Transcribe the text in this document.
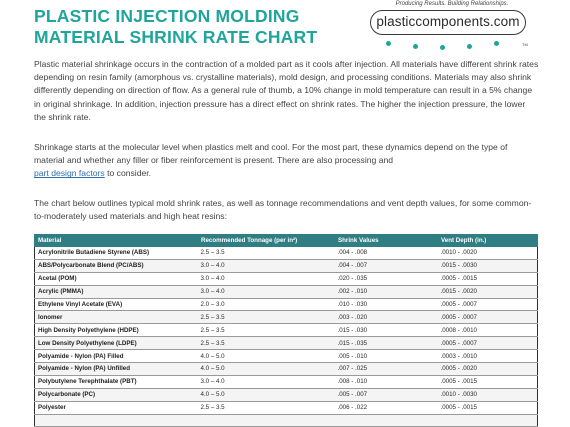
PLASTIC INJECTION MOLDING
MATERIAL SHRINK RATE CHART
Producing Results. Building Relationships.
plasticcomponents.com
TM

Plastic material shrinkage occurs in the contraction of a molded part as it cools after injection. All materials have different shrink rates depending on resin family (amorphous vs. crystalline materials), mold design, and processing conditions. Materials may also shrink differently depending on direction of flow. As a general rule of thumb, a 10% change in mold temperature can result in a 5% change in original shrinkage. In addition, injection pressure has a direct effect on shrink rates. The higher the injection pressure, the lower the shrink rate.

Shrinkage starts at the molecular level when plastics melt and cool. For the most part, these dynamics depend on the type of material and whether any filler or fiber reinforcement is present. There are also processing and
part design factors to consider.

The chart below outlines typical mold shrink rates, as well as tonnage recommendations and vent depth values, for some common-to-moderately used materials and high heat resins:

Material	Recommended Tonnage (per in²)	Shrink Values	Vent Depth (in.)
Acrylonitrile Butadiene Styrene (ABS)	2.5 – 3.5	.004 - .008	.0010 - .0020
ABS/Polycarbonate Blend (PC/ABS)	3.0 – 4.0	.004 - .007	.0015 - .0030
Acetal (POM)	3.0 – 4.0	.020 - .035	.0005 - .0015
Acrylic (PMMA)	3.0 – 4.0	.002 - .010	.0015 - .0020
Ethylene Vinyl Acetate (EVA)	2.0 – 3.0	.010 - .030	.0005 - .0007
Ionomer	2.5 – 3.5	.003 - .020	.0005 - .0007
High Density Polyethylene (HDPE)	2.5 – 3.5	.015 - .030	.0008 - .0010
Low Density Polyethylene (LDPE)	2.5 – 3.5	.015 - .035	.0005 - .0007
Polyamide - Nylon (PA) Filled	4.0 – 5.0	.005 - .010	.0003 - .0010
Polyamide - Nylon (PA) Unfilled	4.0 – 5.0	.007 - .025	.0005 - .0020
Polybutylene Terephthalate (PBT)	3.0 – 4.0	.008 - .010	.0005 - .0015
Polycarbonate (PC)	4.0 – 5.0	.005 - .007	.0010 - .0030
Polyester	2.5 – 3.5	.006 - .022	.0005 - .0015
